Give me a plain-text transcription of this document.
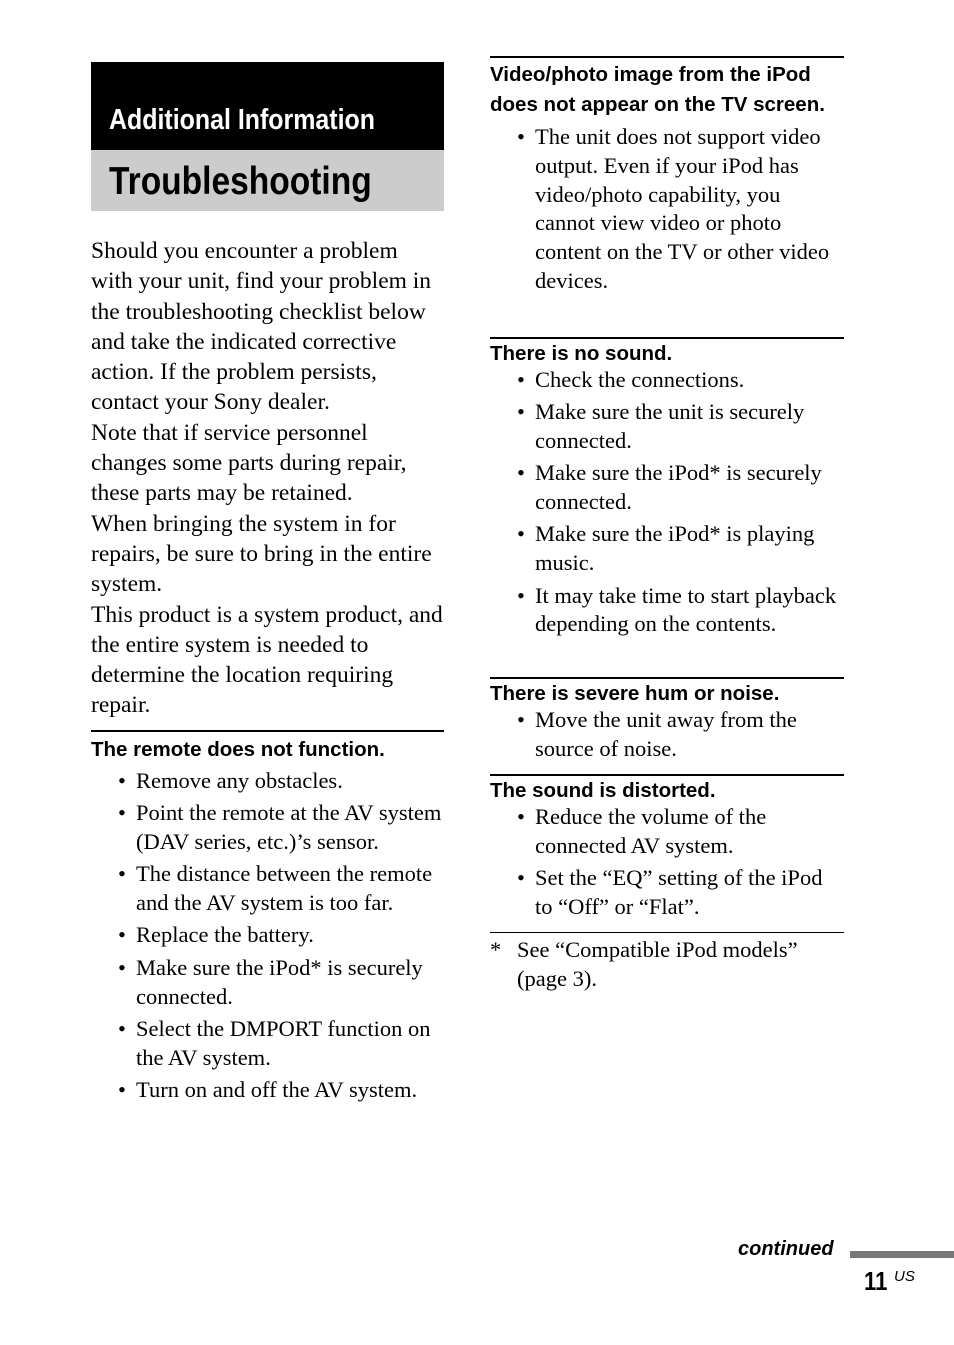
Additional Information
Troubleshooting

Should you encounter a problem with your unit, find your problem in the troubleshooting checklist below and take the indicated corrective action. If the problem persists, contact your Sony dealer.

Note that if service personnel changes some parts during repair, these parts may be retained.

When bringing the system in for repairs, be sure to bring in the entire system.

This product is a system product, and the entire system is needed to determine the location requiring repair.

The remote does not function.
• Remove any obstacles.
• Point the remote at the AV system (DAV series, etc.)’s sensor.
• The distance between the remote and the AV system is too far.
• Replace the battery.
• Make sure the iPod* is securely connected.
• Select the DMPORT function on the AV system.
• Turn on and off the AV system.
Video/photo image from the iPod does not appear on the TV screen.
• The unit does not support video output. Even if your iPod has video/photo capability, you cannot view video or photo content on the TV or other video devices.
There is no sound.
• Check the connections.
• Make sure the unit is securely connected.
• Make sure the iPod* is securely connected.
• Make sure the iPod* is playing music.
• It may take time to start playback depending on the contents.
There is severe hum or noise.
• Move the unit away from the source of noise.
The sound is distorted.
• Reduce the volume of the connected AV system.
• Set the “EQ” setting of the iPod to “Off” or “Flat”.
* See “Compatible iPod models” (page 3).
continued
11 US
